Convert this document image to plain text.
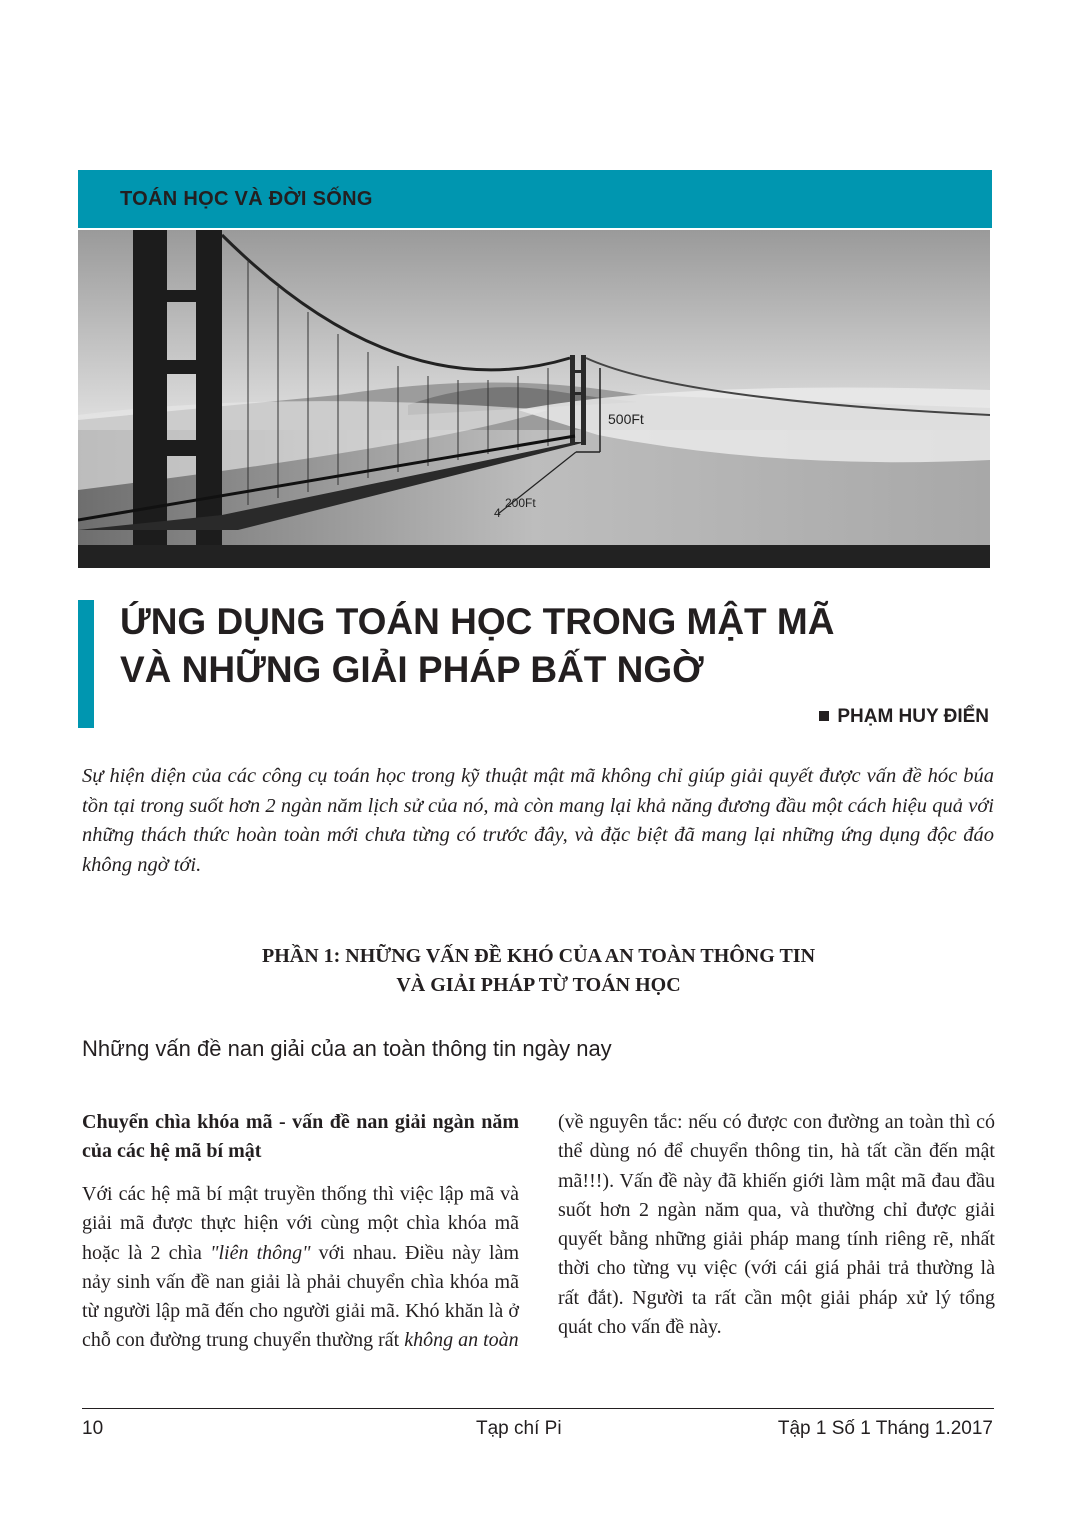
TOÁN HỌC VÀ ĐỜI SỐNG
500Ft
200Ft
4
ỨNG DỤNG TOÁN HỌC TRONG MẬT MÃ
VÀ NHỮNG GIẢI PHÁP BẤT NGỜ
PHẠM HUY ĐIỂN
Sự hiện diện của các công cụ toán học trong kỹ thuật mật mã không chỉ giúp giải quyết được vấn đề hóc búa tồn tại trong suốt hơn 2 ngàn năm lịch sử của nó, mà còn mang lại khả năng đương đầu một cách hiệu quả với những thách thức hoàn toàn mới chưa từng có trước đây, và đặc biệt đã mang lại những ứng dụng độc đáo không ngờ tới.
PHẦN 1: NHỮNG VẤN ĐỀ KHÓ CỦA AN TOÀN THÔNG TIN
VÀ GIẢI PHÁP TỪ TOÁN HỌC
Những vấn đề nan giải của an toàn thông tin ngày nay
Chuyển chìa khóa mã - vấn đề nan giải ngàn năm của các hệ mã bí mật

Với các hệ mã bí mật truyền thống thì việc lập mã và giải mã được thực hiện với cùng một chìa khóa mã hoặc là 2 chìa "liên thông" với nhau. Điều này làm nảy sinh vấn đề nan giải là phải chuyển chìa khóa mã từ người lập mã đến cho người giải mã. Khó khăn là ở chỗ con đường trung chuyển thường rất không an toàn

(về nguyên tắc: nếu có được con đường an toàn thì có thể dùng nó để chuyển thông tin, hà tất cần đến mật mã!!!). Vấn đề này đã khiến giới làm mật mã đau đầu suốt hơn 2 ngàn năm qua, và thường chỉ được giải quyết bằng những giải pháp mang tính riêng rẽ, nhất thời cho từng vụ việc (với cái giá phải trả thường là rất đắt). Người ta rất cần một giải pháp xử lý tổng quát cho vấn đề này.

10	Tạp chí Pi	Tập 1 Số 1 Tháng 1.2017
